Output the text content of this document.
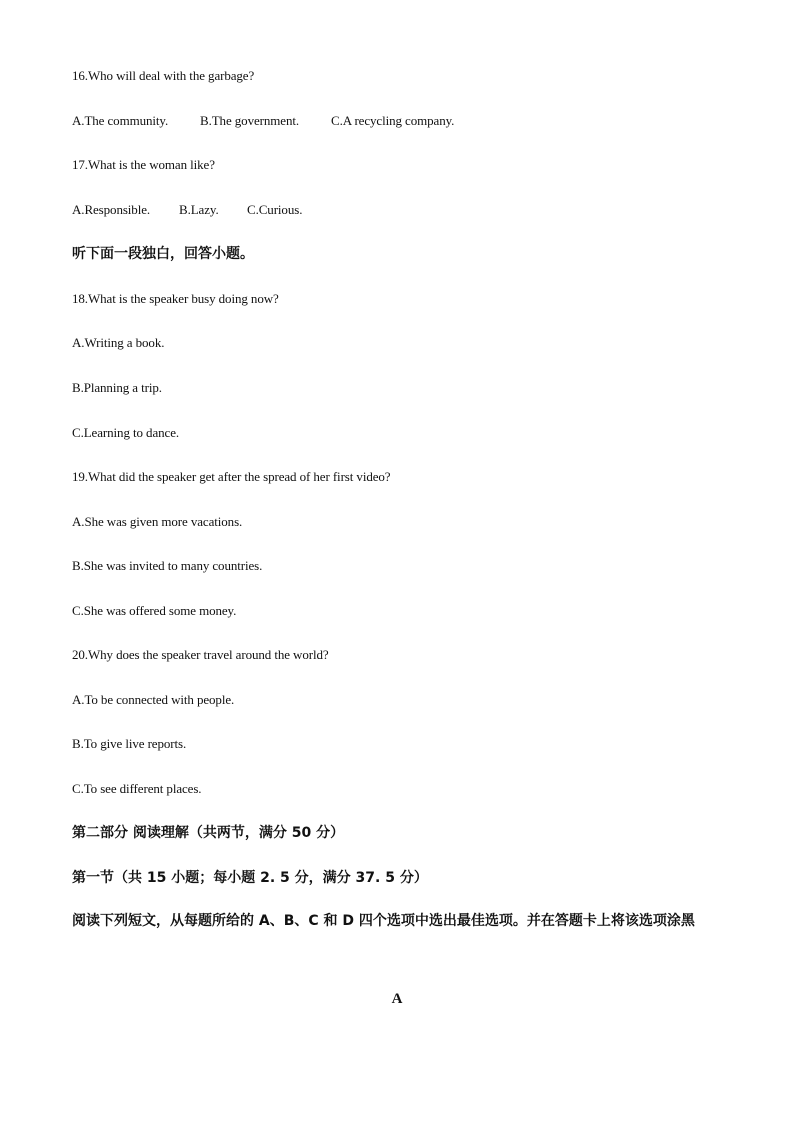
16.Who will deal with the garbage?
A.The community. B.The government. C.A recycling company.
17.What is the woman like?
A.Responsible. B.Lazy. C.Curious.
听下面一段独白，回答小题。
18.What is the speaker busy doing now?
A.Writing a book.
B.Planning a trip.
C.Learning to dance.
19.What did the speaker get after the spread of her first video?
A.She was given more vacations.
B.She was invited to many countries.
C.She was offered some money.
20.Why does the speaker travel around the world?
A.To be connected with people.
B.To give live reports.
C.To see different places.
第二部分 阅读理解（共两节，满分 50 分）
第一节（共 15 小题；每小题 2. 5 分，满分 37. 5 分）
阅读下列短文，从每题所给的 A、B、C 和 D 四个选项中选出最佳选项。并在答题卡上将该选项涂黑
A
